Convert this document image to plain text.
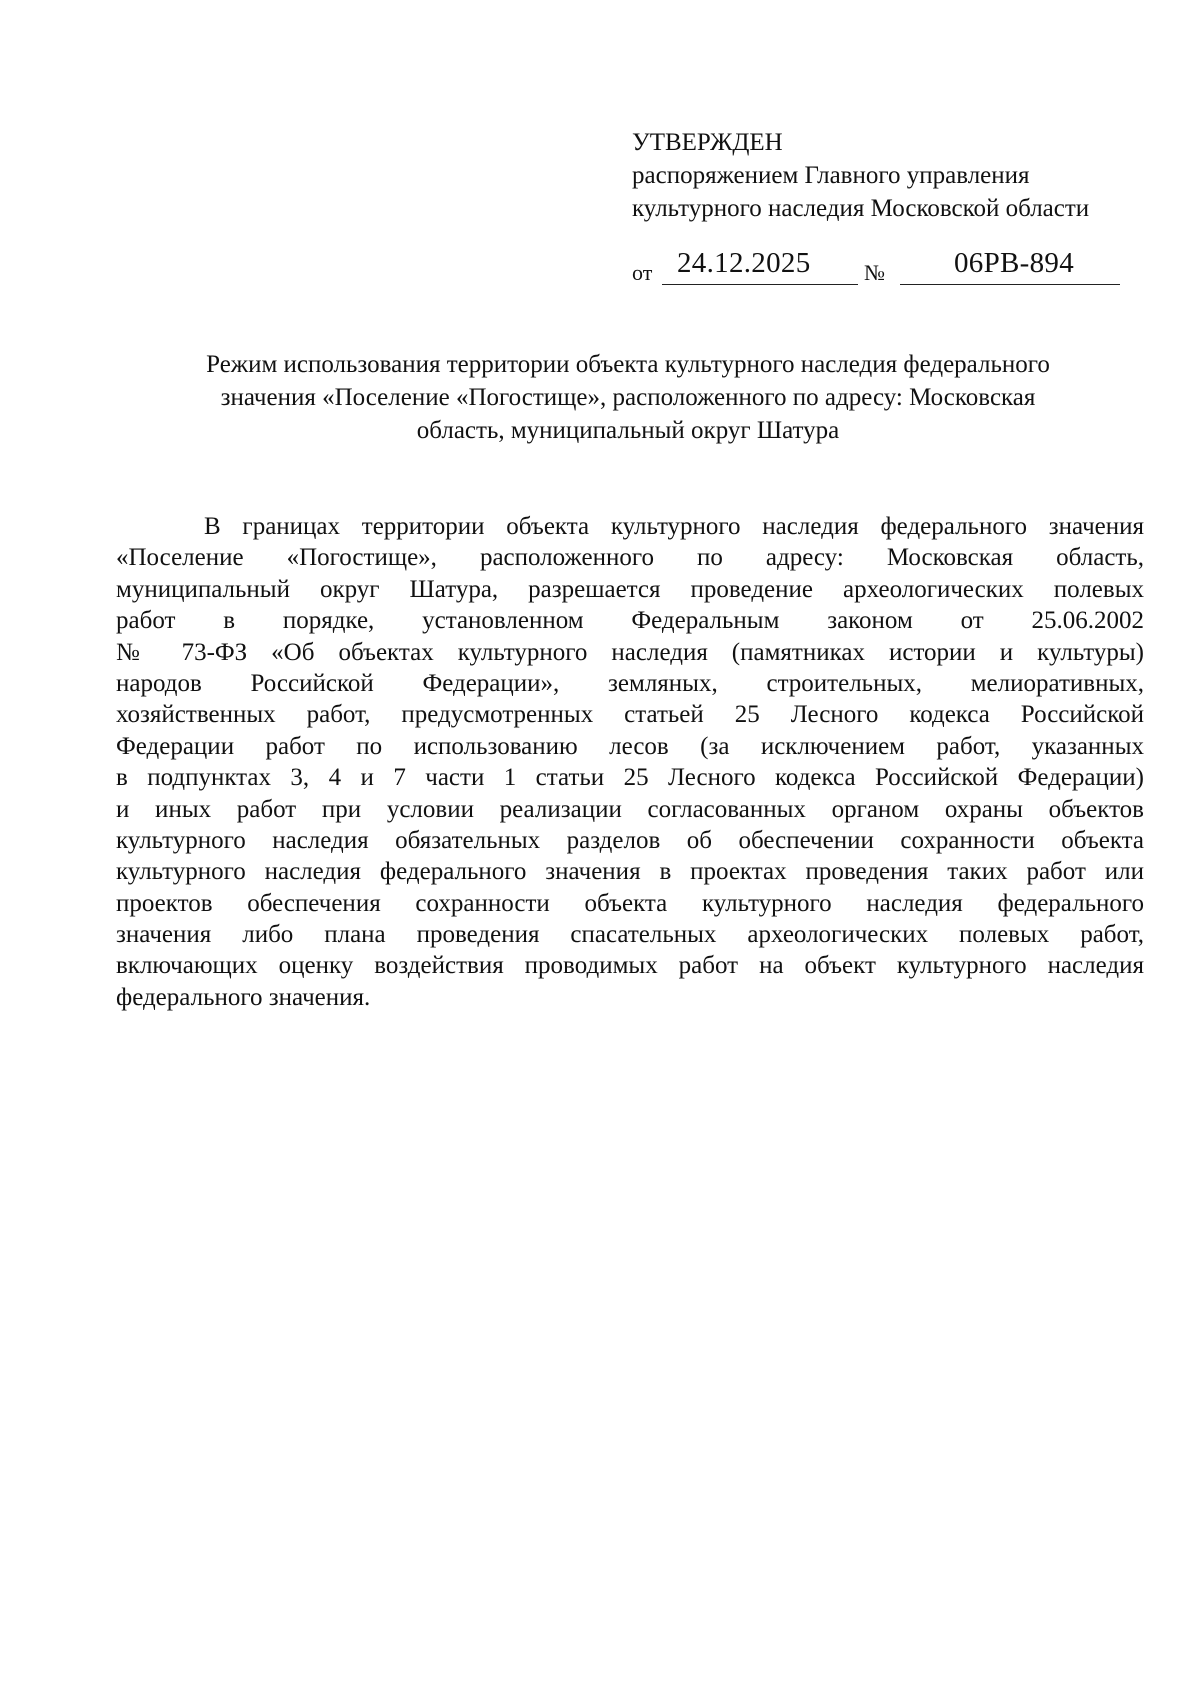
УТВЕРЖДЕН
распоряжением Главного управления
культурного наследия Московской области
от 24.12.2025 № 06РВ-894
Режим использования территории объекта культурного наследия федерального
значения «Поселение «Погостище», расположенного по адресу: Московская
область, муниципальный округ Шатура
В границах территории объекта культурного наследия федерального значения
«Поселение «Погостище», расположенного по адресу: Московская область,
муниципальный округ Шатура, разрешается проведение археологических полевых
работ в порядке, установленном Федеральным законом от 25.06.2002
№ 73-ФЗ «Об объектах культурного наследия (памятниках истории и культуры)
народов Российской Федерации», земляных, строительных, мелиоративных,
хозяйственных работ, предусмотренных статьей 25 Лесного кодекса Российской
Федерации работ по использованию лесов (за исключением работ, указанных
в подпунктах 3, 4 и 7 части 1 статьи 25 Лесного кодекса Российской Федерации)
и иных работ при условии реализации согласованных органом охраны объектов
культурного наследия обязательных разделов об обеспечении сохранности объекта
культурного наследия федерального значения в проектах проведения таких работ или
проектов обеспечения сохранности объекта культурного наследия федерального
значения либо плана проведения спасательных археологических полевых работ,
включающих оценку воздействия проводимых работ на объект культурного наследия
федерального значения.
